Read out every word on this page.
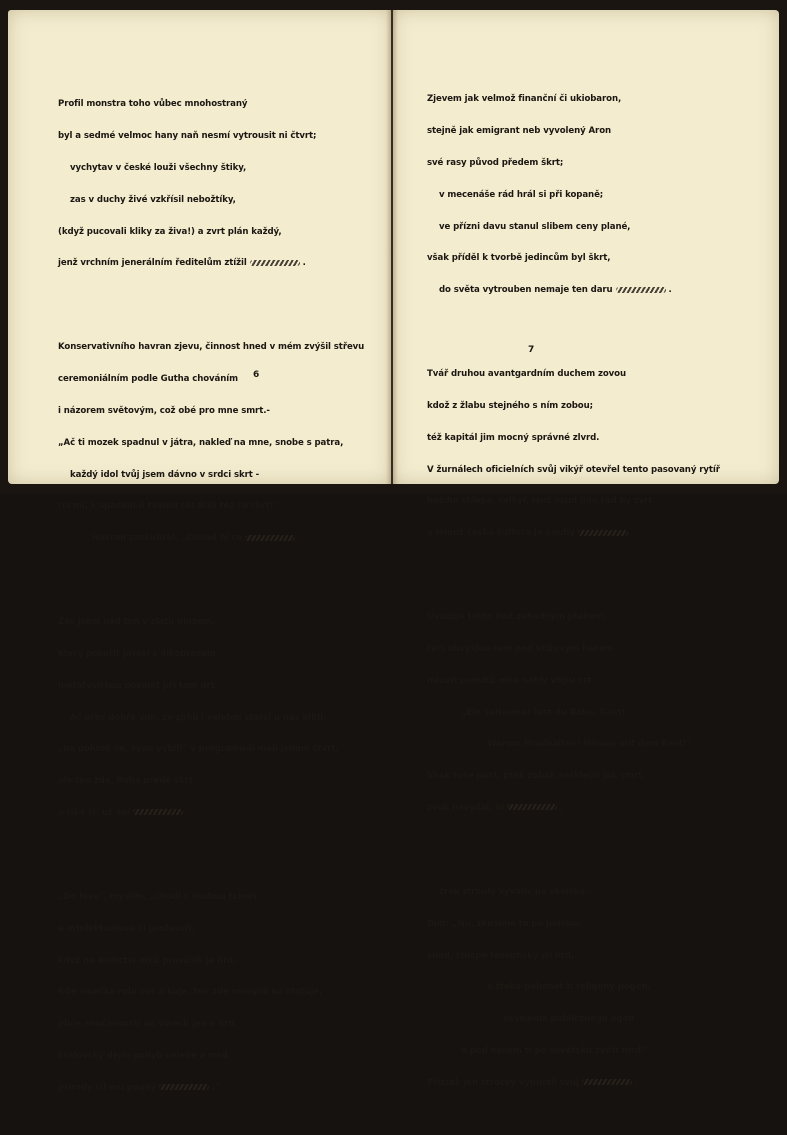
Profil monstra toho vůbec mnohostraný

byl a sedmé velmoc hany naň nesmí vytrousit ni čtvrt;

vychytav v české louži všechny štiky,

zas v duchy živé vzkřísil nebožtíky,

(když pucovali kliky za živa!) a zvrt plán každý,

jenž vrchním jenerálním ředitelům ztížil	.

Konservativního havran zjevu, činnost hned v mém zvýšil střevu

ceremoniálním podle Gutha chováním

i názorem světovým, což obé pro mne smrt.-

„Ač ti mozek spadnul v játra, nakleď na mne, snobe s patra,

každý idol tvůj jsem dávno v srdci skrt -

rci mi, k spasení-li tvému slit Bůh též co chrt!"

Havran zaskuhral: „Dosud ni co

Žas jsem nad tím v zlatu plazem,

který pokořit přišel s dikobrazem,

metafysickou povalět při tom drt.

Ač přec dobře vím, že zjihlí i velební starci u nás bibli,

„na pokrok se, synu vybíl!" v programu-li měli jenom čtvrt;

ale ten zde, Boha předě škrt

a říká si: už aní

„Do leva", myslím, „chodí s skobou tchoří

a intelektuálové či profesoři,

když na dědictví otců pravíčák je hrd.

Kde smečka robí cos a kuje, ten zde nemysli na štátuje,

pluje současností na vinách jen a hrd,

královský dějin pohyb velebě a mrd,

přírody cíl mu pouhý	."

Zjevem jak velmož finanční či ukiobaron,

stejně jak emigrant neb vyvolený Aron

své rasy původ předem škrt;

v mecenáše rád hrál si při kopaně;

ve přízni davu stanul slibem ceny plané,

však příděl k tvorbě jedincům byl škrt,

do světa vytrouben nemaje ten daru	.

Tvář druhou avantgardním duchem zovou

kdož z žlabu stejného s ním zobou;

též kapitál jim mocný správné zlvrd.

V žurnálech oficielních svůj vikýř otevřel tento pasovaný rytíř

božího sklepa, cvikýř, jenž osud lidu řád by zvrt

a jemuž česká kultura je pouhý

Uvažuje takto nad záhadným ptákem,

řečí obvyklou tam pod křížovým hákem

mluvit ponuků mne nákly vtipu vrt:

„Ein seltsamer bist du Rabe, Gast!

Warum Maulhalten! Hinaus mit dem Rast!"

Však tuše past, pták zobák seškleblí jak smrt,

zvuk nevydal, ni	.

zrak ztrnulý vyvalív po školsku.-

Dím: „Nu, zkusíme to po polsku;

snad, chlape fašounsky jsi hrd,

a třeba pohanět ti religijný pogon,

osvícenia publicznego ogon

a pod nosem ti po sovětsku zvířit mrd!" -

Přízrak jen stracky vypustil svůj	.

6
7
